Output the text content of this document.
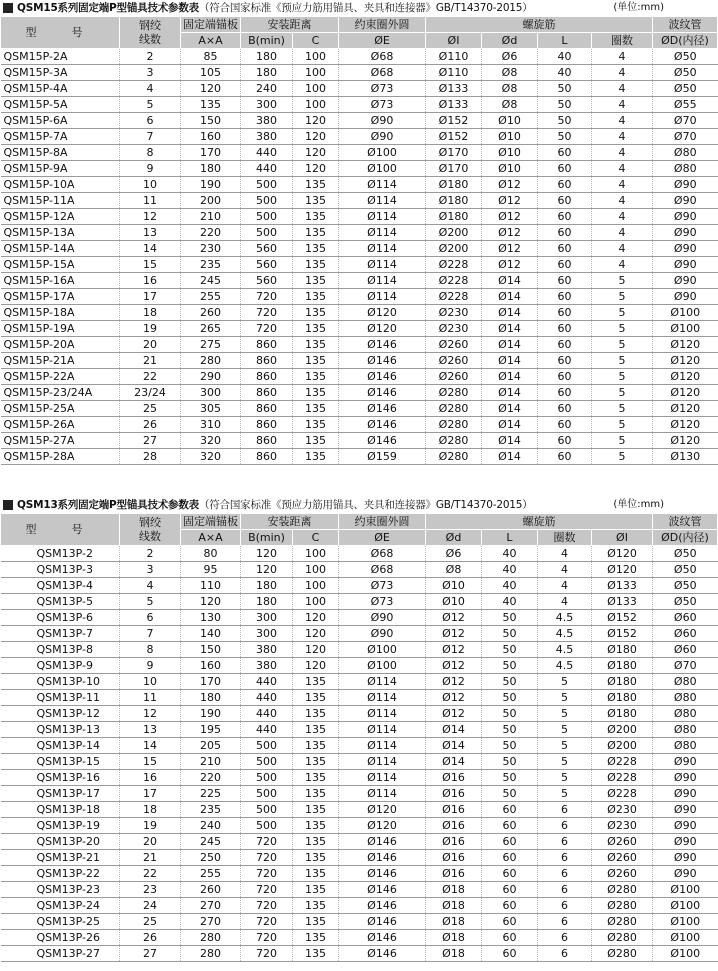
QSM15系列固定端P型锚具技术参数表（符合国家标准《预应力筋用锚具、夹具和连接器》GB/T14370-2015）	(单位:mm)
型　号	钢绞
线数	固定端锚板	安装距离		约束圈外圆	螺旋筋				波纹管
		A×A	B(min)	C	ØE	ØI	Ød	L	圈数	ØD(内径)
QSM15P-2A	2	85	180	100	Ø68	Ø110	Ø6	40	4	Ø50
QSM15P-3A	3	105	180	100	Ø68	Ø110	Ø8	40	4	Ø50
QSM15P-4A	4	120	240	100	Ø73	Ø133	Ø8	50	4	Ø50
QSM15P-5A	5	135	300	100	Ø73	Ø133	Ø8	50	4	Ø55
QSM15P-6A	6	150	380	120	Ø90	Ø152	Ø10	50	4	Ø70
QSM15P-7A	7	160	380	120	Ø90	Ø152	Ø10	50	4	Ø70
QSM15P-8A	8	170	440	120	Ø100	Ø170	Ø10	60	4	Ø80
QSM15P-9A	9	180	440	120	Ø100	Ø170	Ø10	60	4	Ø80
QSM15P-10A	10	190	500	135	Ø114	Ø180	Ø12	60	4	Ø90
QSM15P-11A	11	200	500	135	Ø114	Ø180	Ø12	60	4	Ø90
QSM15P-12A	12	210	500	135	Ø114	Ø180	Ø12	60	4	Ø90
QSM15P-13A	13	220	500	135	Ø114	Ø200	Ø12	60	4	Ø90
QSM15P-14A	14	230	560	135	Ø114	Ø200	Ø12	60	4	Ø90
QSM15P-15A	15	235	560	135	Ø114	Ø228	Ø12	60	4	Ø90
QSM15P-16A	16	245	560	135	Ø114	Ø228	Ø14	60	5	Ø90
QSM15P-17A	17	255	720	135	Ø114	Ø228	Ø14	60	5	Ø90
QSM15P-18A	18	260	720	135	Ø120	Ø230	Ø14	60	5	Ø100
QSM15P-19A	19	265	720	135	Ø120	Ø230	Ø14	60	5	Ø100
QSM15P-20A	20	275	860	135	Ø146	Ø260	Ø14	60	5	Ø120
QSM15P-21A	21	280	860	135	Ø146	Ø260	Ø14	60	5	Ø120
QSM15P-22A	22	290	860	135	Ø146	Ø260	Ø14	60	5	Ø120
QSM15P-23/24A	23/24	300	860	135	Ø146	Ø280	Ø14	60	5	Ø120
QSM15P-25A	25	305	860	135	Ø146	Ø280	Ø14	60	5	Ø120
QSM15P-26A	26	310	860	135	Ø146	Ø280	Ø14	60	5	Ø120
QSM15P-27A	27	320	860	135	Ø146	Ø280	Ø14	60	5	Ø120
QSM15P-28A	28	320	860	135	Ø159	Ø280	Ø14	60	5	Ø130
QSM13系列固定端P型锚具技术参数表（符合国家标准《预应力筋用锚具、夹具和连接器》GB/T14370-2015）	(单位:mm)
型　号	钢绞
线数	固定端锚板	安装距离		约束圈外圆	螺旋筋				波纹管
		A×A	B(min)	C	ØE	Ød	L	圈数	ØI	ØD(内径)
QSM13P-2	2	80	120	100	Ø68	Ø6	40	4	Ø120	Ø50
QSM13P-3	3	95	120	100	Ø68	Ø8	40	4	Ø120	Ø50
QSM13P-4	4	110	180	100	Ø73	Ø10	40	4	Ø133	Ø50
QSM13P-5	5	120	180	100	Ø73	Ø10	40	4	Ø133	Ø50
QSM13P-6	6	130	300	120	Ø90	Ø12	50	4.5	Ø152	Ø60
QSM13P-7	7	140	300	120	Ø90	Ø12	50	4.5	Ø152	Ø60
QSM13P-8	8	150	380	120	Ø100	Ø12	50	4.5	Ø180	Ø60
QSM13P-9	9	160	380	120	Ø100	Ø12	50	4.5	Ø180	Ø70
QSM13P-10	10	170	440	135	Ø114	Ø12	50	5	Ø180	Ø80
QSM13P-11	11	180	440	135	Ø114	Ø12	50	5	Ø180	Ø80
QSM13P-12	12	190	440	135	Ø114	Ø12	50	5	Ø180	Ø80
QSM13P-13	13	195	440	135	Ø114	Ø14	50	5	Ø200	Ø80
QSM13P-14	14	205	500	135	Ø114	Ø14	50	5	Ø200	Ø80
QSM13P-15	15	210	500	135	Ø114	Ø14	50	5	Ø228	Ø90
QSM13P-16	16	220	500	135	Ø114	Ø16	50	5	Ø228	Ø90
QSM13P-17	17	225	500	135	Ø114	Ø16	50	5	Ø228	Ø90
QSM13P-18	18	235	500	135	Ø120	Ø16	60	6	Ø230	Ø90
QSM13P-19	19	240	500	135	Ø120	Ø16	60	6	Ø230	Ø90
QSM13P-20	20	245	720	135	Ø146	Ø16	60	6	Ø260	Ø90
QSM13P-21	21	250	720	135	Ø146	Ø16	60	6	Ø260	Ø90
QSM13P-22	22	255	720	135	Ø146	Ø16	60	6	Ø260	Ø90
QSM13P-23	23	260	720	135	Ø146	Ø18	60	6	Ø280	Ø100
QSM13P-24	24	270	720	135	Ø146	Ø18	60	6	Ø280	Ø100
QSM13P-25	25	270	720	135	Ø146	Ø18	60	6	Ø280	Ø100
QSM13P-26	26	280	720	135	Ø146	Ø18	60	6	Ø280	Ø100
QSM13P-27	27	280	720	135	Ø146	Ø18	60	6	Ø280	Ø100
